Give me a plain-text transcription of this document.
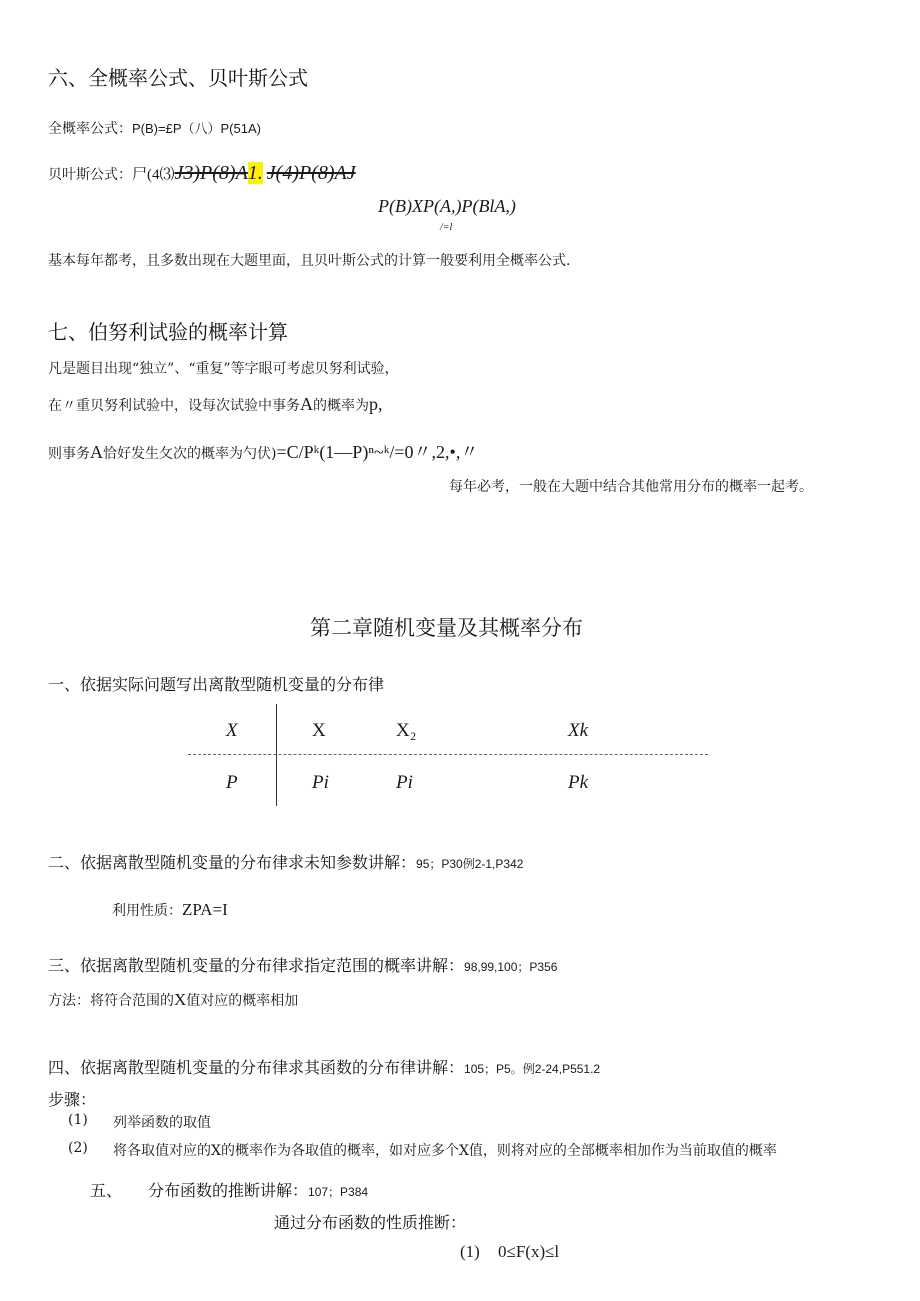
六、全概率公式、贝叶斯公式
全概率公式：P(B)=£P（八）P(51A)
贝叶斯公式：尸(4⑶J3)P(8)A1. J(4)P(8)AJ
P(B)XP(A,)P(BlA,)
/=l
基本每年都考，且多数出现在大题里面，且贝叶斯公式的计算一般要利用全概率公式.
七、伯努利试验的概率计算
凡是题目出现“独立”、“重复”等字眼可考虑贝努利试验，
在〃重贝努利试验中，设每次试验中事务A的概率为p,
则事务A恰好发生攵次的概率为勺伏)=C/Pᵏ(1—P)ⁿ~ᵏ/=0〃,2,•,〃
每年必考，一般在大题中结合其他常用分布的概率一起考。
第二章随机变量及其概率分布
一、依据实际问题写出离散型随机变量的分布律
X	X	X₂	Xk
P	Pi	Pi	Pk
二、依据离散型随机变量的分布律求未知参数讲解：95；P30例2-1,P342
利用性质：ZPA=I
三、依据离散型随机变量的分布律求指定范围的概率讲解：98,99,100；P356
方法：将符合范围的X值对应的概率相加
四、依据离散型随机变量的分布律求其函数的分布律讲解：105；P5。例2-24,P551.2
步骤：
(1) 列举函数的取值
(2) 将各取值对应的X的概率作为各取值的概率，如对应多个X值，则将对应的全部概率相加作为当前取值的概率
五、 分布函数的推断讲解：107；P384
通过分布函数的性质推断：
(1) 0≤F(x)≤l
